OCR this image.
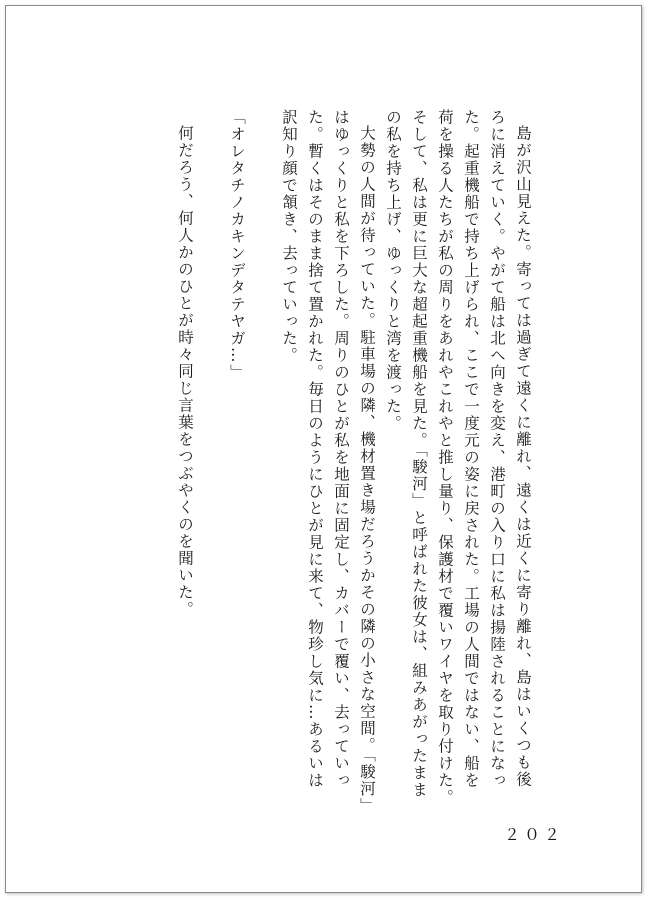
島が沢山見えた。寄っては過ぎて遠くに離れ、遠くは近くに寄り離れ、島はいくつも後
ろに消えていく。やがて船は北へ向きを変え、港町の入り口に私は揚陸されることになっ
た。起重機船で持ち上げられ、ここで一度元の姿に戻された。工場の人間ではない、船を
荷を操る人たちが私の周りをあれやこれやと推し量り、保護材で覆いワイヤを取り付けた。
そして、私は更に巨大な超起重機船を見た。「駿河」と呼ばれた彼女は、組みあがったまま
の私を持ち上げ、ゆっくりと湾を渡った。

大勢の人間が待っていた。駐車場の隣、機材置き場だろうかその隣の小さな空間。「駿河」
はゆっくりと私を下ろした。周りのひとが私を地面に固定し、カバーで覆い、去っていっ
た。暫くはそのまま捨て置かれた。毎日のようにひとが見に来て、物珍し気に…あるいは
訳知り顔で頷き、去っていった。

「オレタチノカキンデタテヤガ…」

何だろう、何人かのひとが時々同じ言葉をつぶやくのを聞いた。

２０２
